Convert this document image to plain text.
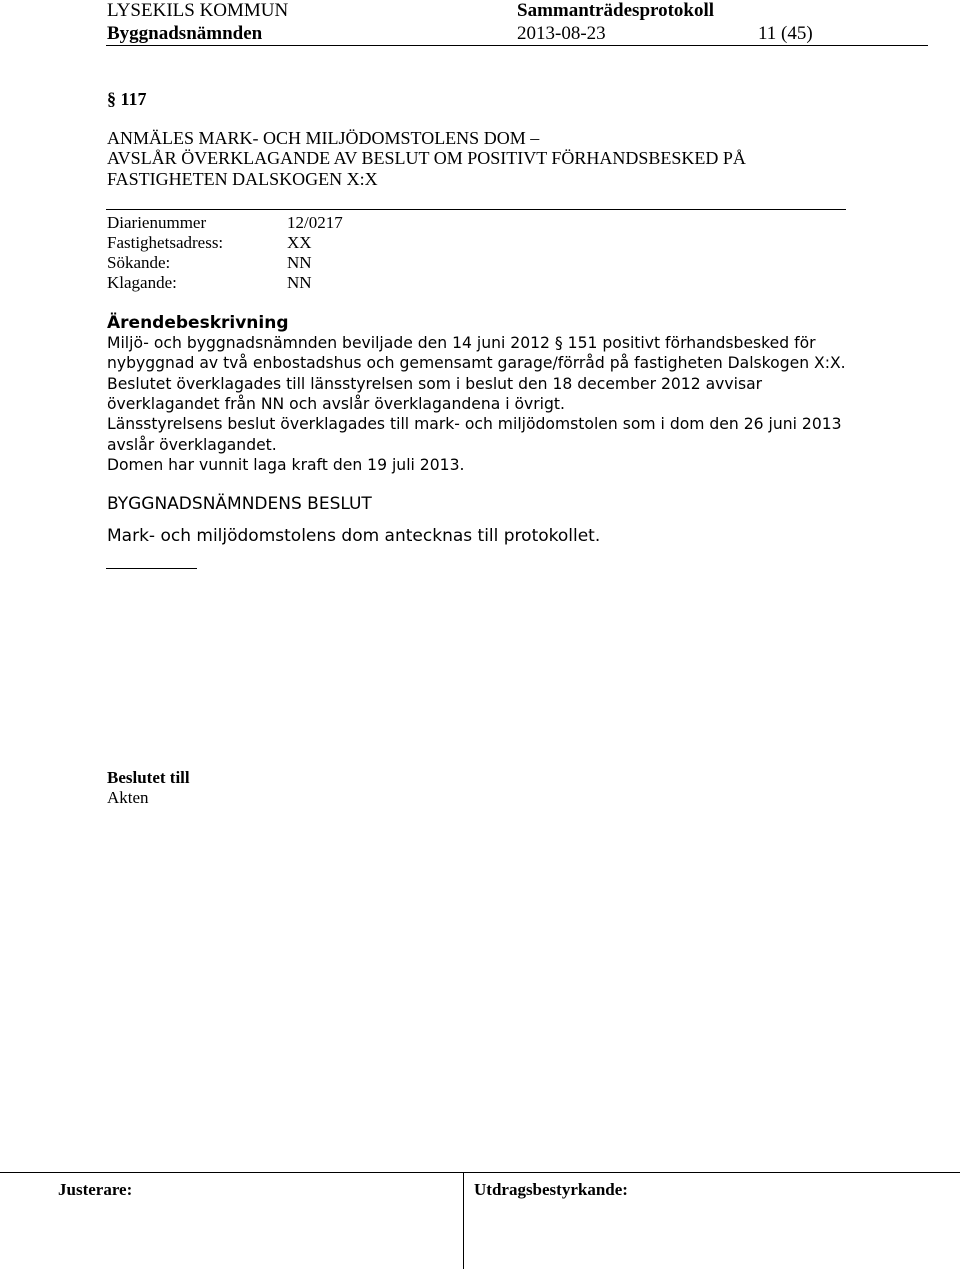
LYSEKILS KOMMUN	Sammanträdesprotokoll
Byggnadsnämnden	2013-08-23	11 (45)
§ 117
ANMÄLES MARK- OCH MILJÖDOMSTOLENS DOM –
AVSLÅR ÖVERKLAGANDE AV BESLUT OM POSITIVT FÖRHANDSBESKED PÅ
FASTIGHETEN DALSKOGEN X:X
Diarienummer	12/0217
Fastighetsadress:	XX
Sökande:	NN
Klagande:	NN
Ärendebeskrivning
Miljö- och byggnadsnämnden beviljade den 14 juni 2012 § 151 positivt förhandsbesked för
nybyggnad av två enbostadshus och gemensamt garage/förråd på fastigheten Dalskogen X:X.
Beslutet överklagades till länsstyrelsen som i beslut den 18 december 2012 avvisar
överklagandet från NN och avslår överklagandena i övrigt.
Länsstyrelsens beslut överklagades till mark- och miljödomstolen som i dom den 26 juni 2013
avslår överklagandet.
Domen har vunnit laga kraft den 19 juli 2013.
BYGGNADSNÄMNDENS BESLUT
Mark- och miljödomstolens dom antecknas till protokollet.
Beslutet till
Akten
Justerare:	Utdragsbestyrkande:
